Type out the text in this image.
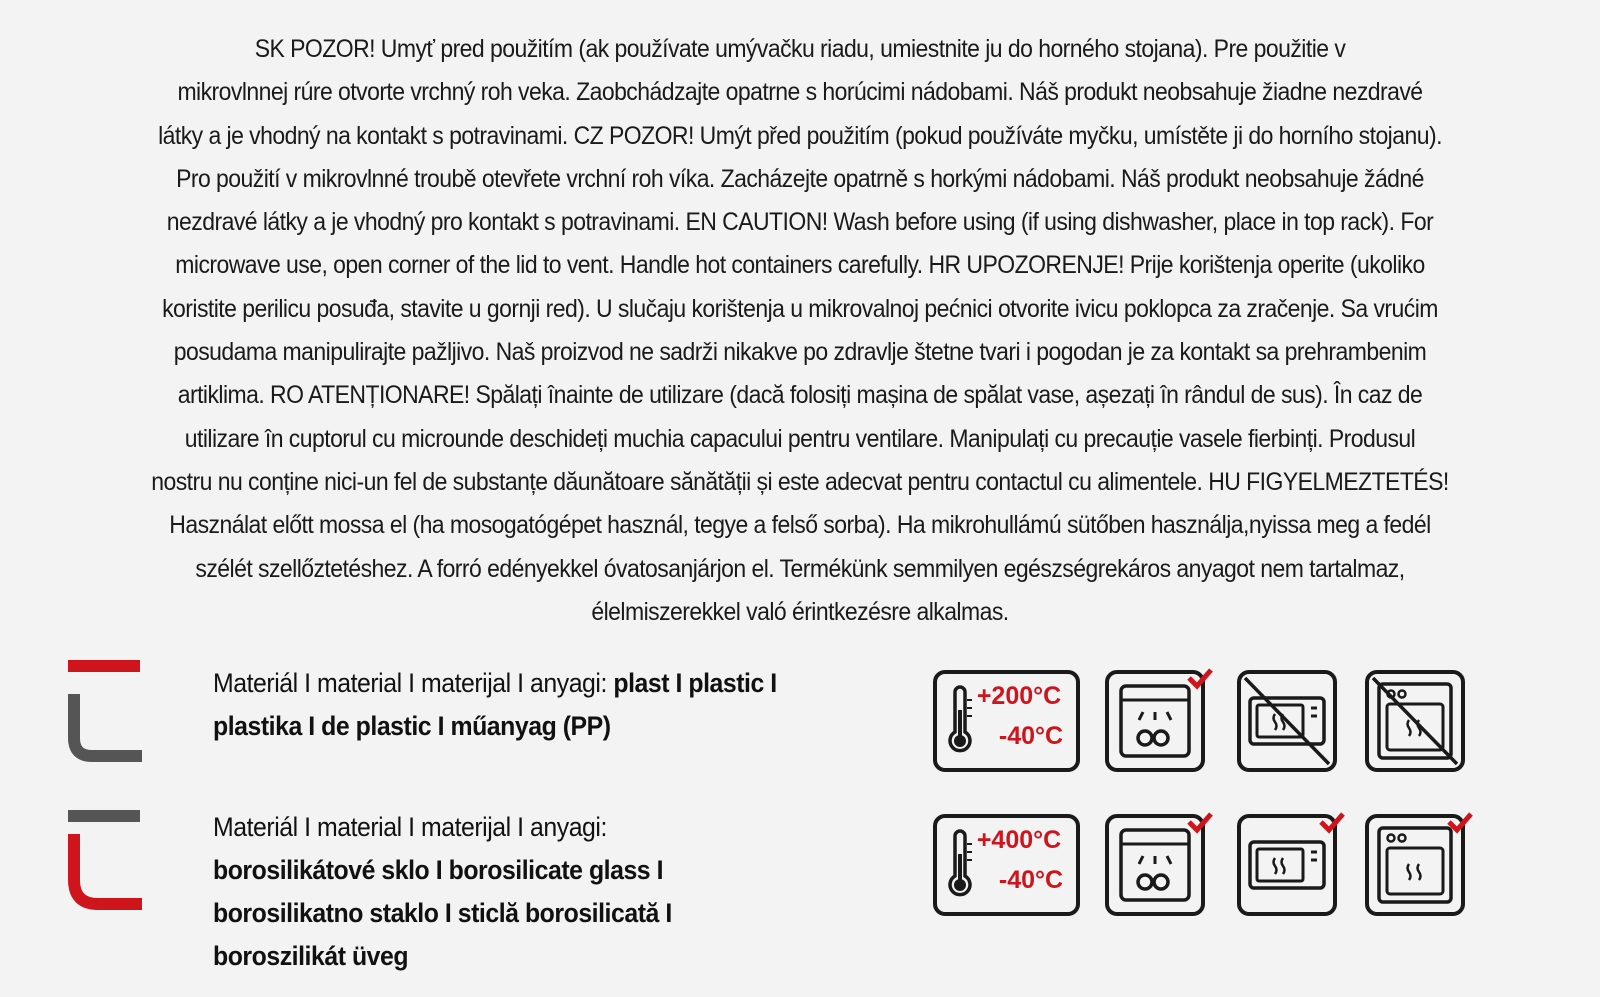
SK POZOR! Umyť pred použitím (ak používate umývačku riadu, umiestnite ju do horného stojana). Pre použitie v
mikrovlnnej rúre otvorte vrchný roh veka. Zaobchádzajte opatrne s horúcimi nádobami. Náš produkt neobsahuje žiadne nezdravé
látky a je vhodný na kontakt s potravinami. CZ POZOR! Umýt před použitím (pokud používáte myčku, umístěte ji do horního stojanu).
Pro použití v mikrovlnné troubě otevřete vrchní roh víka. Zacházejte opatrně s horkými nádobami. Náš produkt neobsahuje žádné
nezdravé látky a je vhodný pro kontakt s potravinami. EN CAUTION! Wash before using (if using dishwasher, place in top rack). For
microwave use, open corner of the lid to vent. Handle hot containers carefully. HR UPOZORENJE! Prije korištenja operite (ukoliko
koristite perilicu posuđa, stavite u gornji red). U slučaju korištenja u mikrovalnoj pećnici otvorite ivicu poklopca za zračenje. Sa vrućim
posudama manipulirajte pažljivo. Naš proizvod ne sadrži nikakve po zdravlje štetne tvari i pogodan je za kontakt sa prehrambenim
artiklima. RO ATENȚIONARE! Spălați înainte de utilizare (dacă folosiți mașina de spălat vase, așezați în rândul de sus). În caz de
utilizare în cuptorul cu microunde deschideți muchia capacului pentru ventilare. Manipulați cu precauție vasele fierbinți. Produsul
nostru nu conține nici-un fel de substanțe dăunătoare sănătății și este adecvat pentru contactul cu alimentele. HU FIGYELMEZTETÉS!
Használat előtt mossa el (ha mosogatógépet használ, tegye a felső sorba). Ha mikrohullámú sütőben használja,nyissa meg a fedél
szélét szellőztetéshez. A forró edényekkel óvatosanjárjon el. Termékünk semmilyen egészségrekáros anyagot nem tartalmaz,
élelmiszerekkel való érintkezésre alkalmas.
Materiál I material I materijal I anyagi: plast I plastic I
plastika I de plastic I műanyag (PP)
+200°C
-40°C
Materiál I material I materijal I anyagi:
borosilikátové sklo I borosilicate glass I
borosilikatno staklo I sticlă borosilicată I
boroszilikát üveg
+400°C
-40°C
